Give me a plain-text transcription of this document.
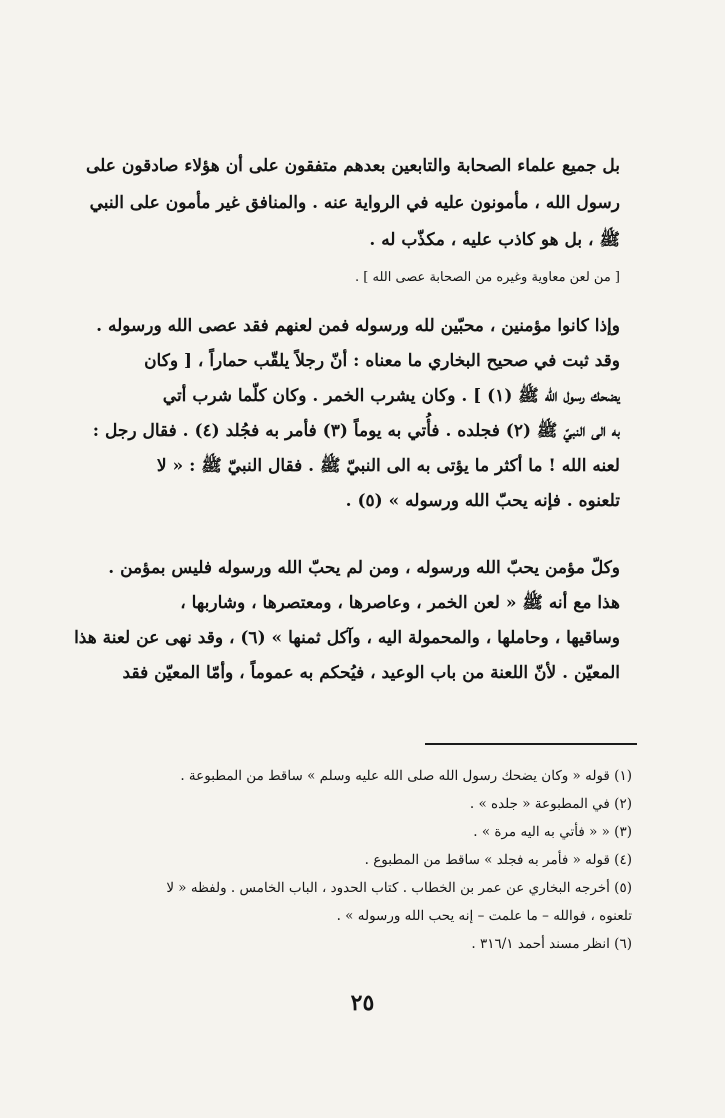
بل جميع علماء الصحابة والتابعين بعدهم متفقون على أن هؤلاء صادقون على
رسول الله ، مأمونون عليه في الرواية عنه . والمنافق غير مأمون على النبي
ﷺ ، بل هو كاذب عليه ، مكذّب له .
[ من لعن معاوية وغيره من الصحابة عصى الله ] .
وإذا كانوا مؤمنين ، محبّين لله ورسوله فمن لعنهم فقد عصى الله ورسوله .
وقد ثبت في صحيح البخاري ما معناه : أنّ رجلاً يلقّب حماراً ، [ وكان
يضحك رسول الله ﷺ (١) ] . وكان يشرب الخمر . وكان كلّما شرب أتي
به الى النبيّ ﷺ (٢) فجلده . فأُتي به يوماً (٣) فأمر به فجُلد (٤) . فقال رجل :
لعنه الله ! ما أكثر ما يؤتى به الى النبيّ ﷺ . فقال النبيّ ﷺ : « لا
تلعنوه . فإنه يحبّ الله ورسوله » (٥) .
وكلّ مؤمن يحبّ الله ورسوله ، ومن لم يحبّ الله ورسوله فليس بمؤمن .
هذا مع أنه ﷺ « لعن الخمر ، وعاصرها ، ومعتصرها ، وشاربها ،
وساقيها ، وحاملها ، والمحمولة اليه ، وآكل ثمنها » (٦) ، وقد نهى عن لعنة هذا
المعيّن . لأنّ اللعنة من باب الوعيد ، فيُحكم به عموماً ، وأمّا المعيّن فقد
(١) قوله « وكان يضحك رسول الله صلى الله عليه وسلم » ساقط من المطبوعة .
(٢) في المطبوعة « جلده » .
(٣) « « فأتي به اليه مرة » .
(٤) قوله « فأمر به فجلد » ساقط من المطبوع .
(٥) أخرجه البخاري عن عمر بن الخطاب . كتاب الحدود ، الباب الخامس . ولفظه « لا
تلعنوه ، فوالله – ما علمت – إنه يحب الله ورسوله » .
(٦) انظر مسند أحمد ٣١٦/١ .
٢٥
